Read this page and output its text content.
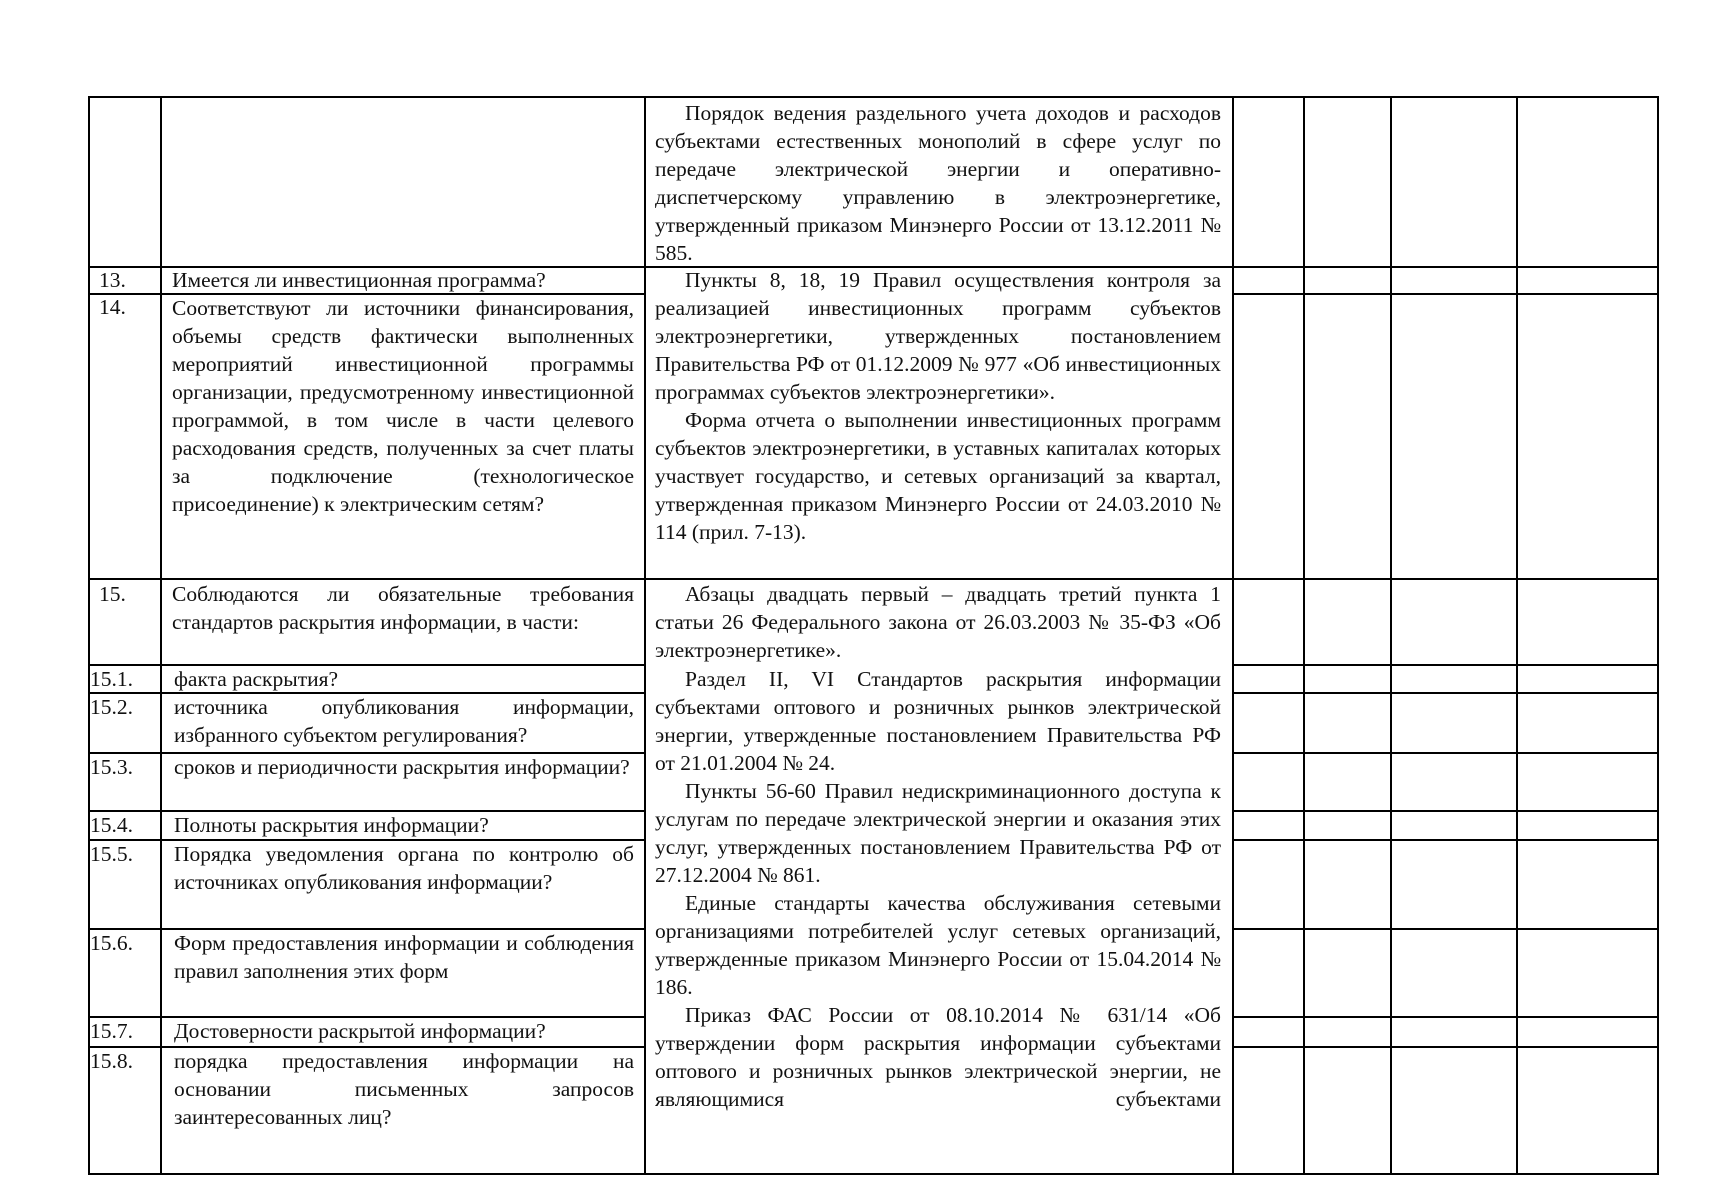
Порядок ведения раздельного учета доходов и расходов субъектами естественных монополий в сфере услуг по передаче электрической энергии и оперативно-диспетчерскому управлению в электроэнергетике, утвержденный приказом Минэнерго России от 13.12.2011 № 585.
13.
14.
15.
15.1.
15.2.
15.3.
15.4.
15.5.
15.6.
15.7.
15.8.
Имеется ли инвестиционная программа?
Соответствуют ли источники финансирования, объемы средств фактически выполненных мероприятий инвестиционной программы организации, предусмотренному инвестиционной программой, в том числе в части целевого расходования средств, полученных за счет платы за подключение (технологическое присоединение) к электрическим сетям?
Соблюдаются ли обязательные требования стандартов раскрытия информации, в части:
факта раскрытия?
источника опубликования информации, избранного субъектом регулирования?
сроков и периодичности раскрытия информации?
Полноты раскрытия информации?
Порядка уведомления органа по контролю об источниках опубликования информации?
Форм предоставления информации и соблюдения правил заполнения этих форм
Достоверности раскрытой информации?
порядка предоставления информации на основании письменных запросов заинтересованных лиц?
Пункты 8, 18, 19 Правил осуществления контроля за реализацией инвестиционных программ субъектов электроэнергетики, утвержденных постановлением Правительства РФ от 01.12.2009 № 977 «Об инвестиционных программах субъектов электроэнергетики».
Форма отчета о выполнении инвестиционных программ субъектов электроэнергетики, в уставных капиталах которых участвует государство, и сетевых организаций за квартал, утвержденная приказом Минэнерго России от 24.03.2010 № 114 (прил. 7-13).
Абзацы двадцать первый – двадцать третий пункта 1 статьи 26 Федерального закона от 26.03.2003 № 35-ФЗ «Об электроэнергетике».
Раздел II, VI Стандартов раскрытия информации субъектами оптового и розничных рынков электрической энергии, утвержденные постановлением Правительства РФ от 21.01.2004 № 24.
Пункты 56-60 Правил недискриминационного доступа к услугам по передаче электрической энергии и оказания этих услуг, утвержденных постановлением Правительства РФ от 27.12.2004 № 861.
Единые стандарты качества обслуживания сетевыми организациями потребителей услуг сетевых организаций, утвержденные приказом Минэнерго России от 15.04.2014 № 186.
Приказ ФАС России от 08.10.2014 № 631/14 «Об утверждении форм раскрытия информации субъектами оптового и розничных рынков электрической энергии, не являющимися субъектами
